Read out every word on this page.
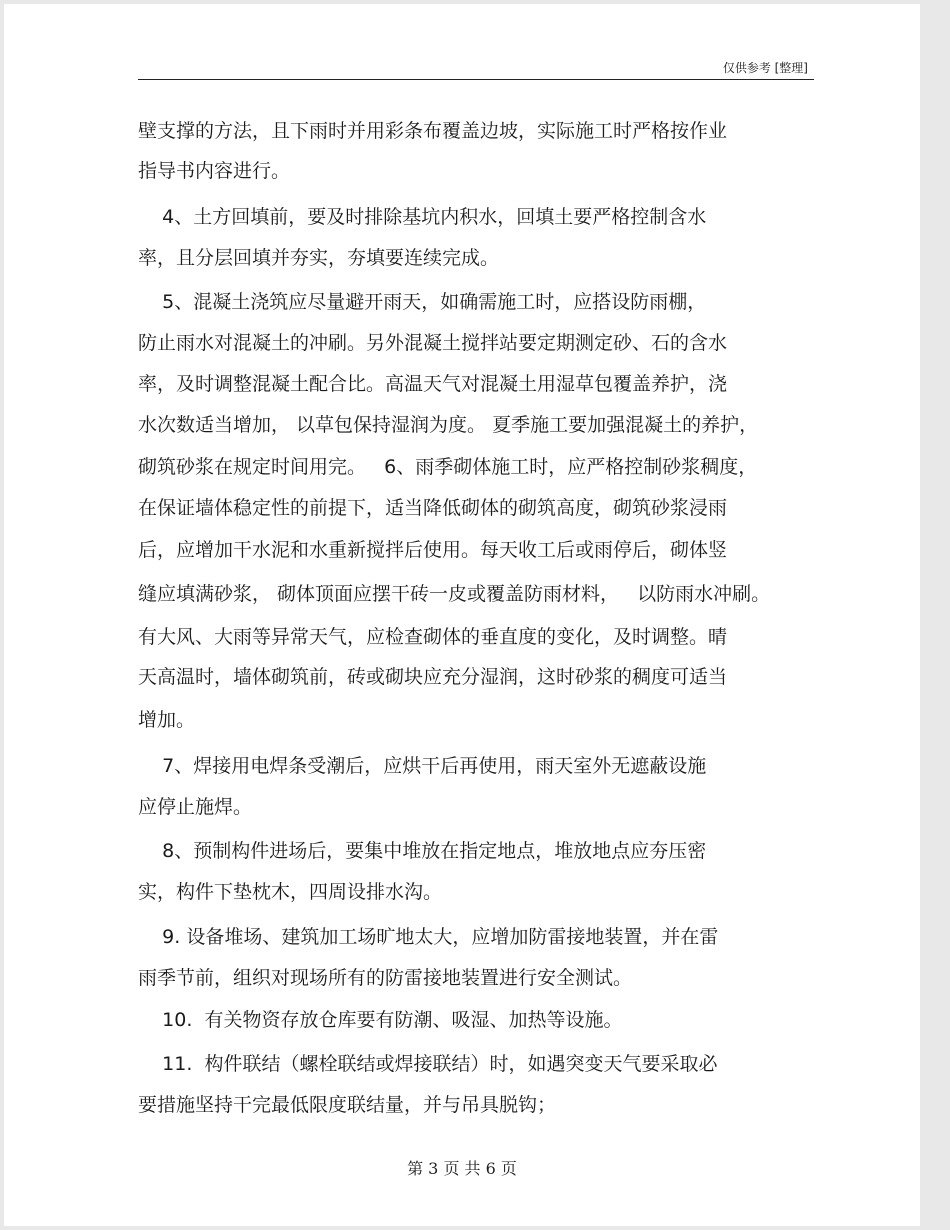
仅供参考 [整理]
壁支撑的方法，且下雨时并用彩条布覆盖边坡，实际施工时严格按作业
指导书内容进行。
4、土方回填前，要及时排除基坑内积水，回填土要严格控制含水
率，且分层回填并夯实，夯填要连续完成。
5、混凝土浇筑应尽量避开雨天，如确需施工时，应搭设防雨棚，
防止雨水对混凝土的冲刷。另外混凝土搅拌站要定期测定砂、石的含水
率，及时调整混凝土配合比。高温天气对混凝土用湿草包覆盖养护，浇
水次数适当增加， 以草包保持湿润为度。 夏季施工要加强混凝土的养护，
砌筑砂浆在规定时间用完。   6、雨季砌体施工时，应严格控制砂浆稠度，
在保证墙体稳定性的前提下，适当降低砌体的砌筑高度，砌筑砂浆浸雨
后，应增加干水泥和水重新搅拌后使用。每天收工后或雨停后，砌体竖
缝应填满砂浆， 砌体顶面应摆干砖一皮或覆盖防雨材料，   以防雨水冲刷。
有大风、大雨等异常天气，应检查砌体的垂直度的变化，及时调整。晴
天高温时，墙体砌筑前，砖或砌块应充分湿润，这时砂浆的稠度可适当
增加。
7、焊接用电焊条受潮后，应烘干后再使用，雨天室外无遮蔽设施
应停止施焊。
8、预制构件进场后，要集中堆放在指定地点，堆放地点应夯压密
实，构件下垫枕木，四周设排水沟。
9. 设备堆场、建筑加工场旷地太大，应增加防雷接地装置，并在雷
雨季节前，组织对现场所有的防雷接地装置进行安全测试。
10.  有关物资存放仓库要有防潮、吸湿、加热等设施。
11.  构件联结（螺栓联结或焊接联结）时，如遇突变天气要采取必
要措施坚持干完最低限度联结量，并与吊具脱钩；
第 3 页 共 6 页
